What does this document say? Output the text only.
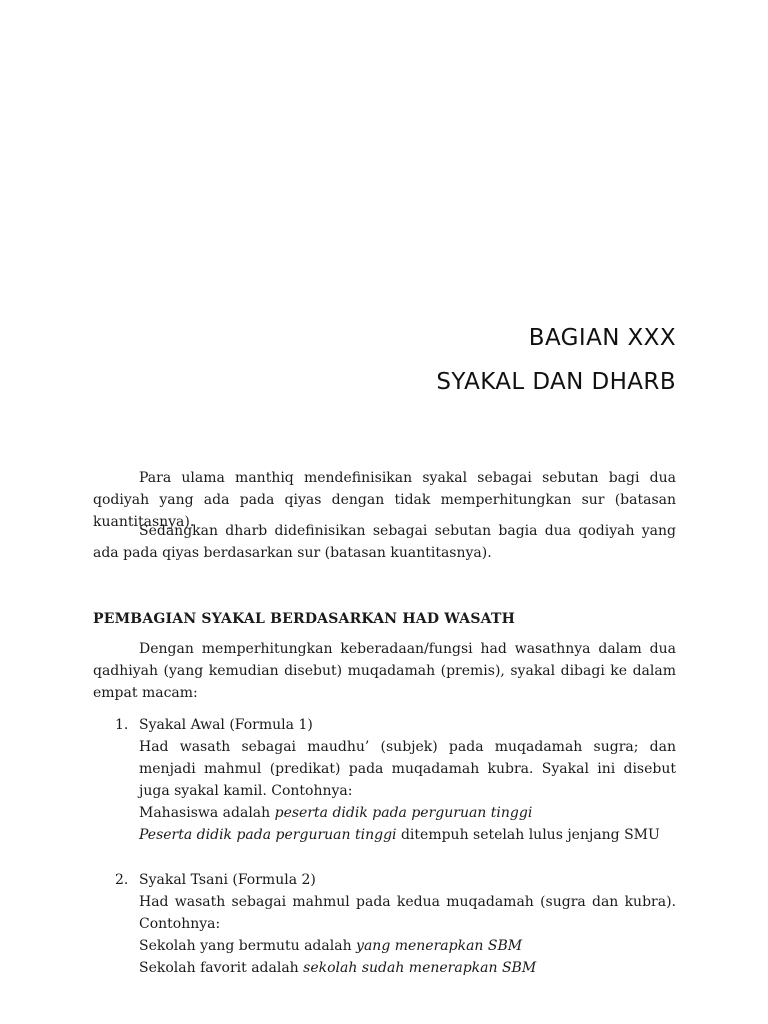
BAGIAN XXX
SYAKAL DAN DHARB

Para ulama manthiq mendefinisikan syakal sebagai sebutan bagi dua qodiyah yang ada pada qiyas dengan tidak memperhitungkan sur (batasan kuantitasnya).

Sedangkan dharb didefinisikan sebagai sebutan bagia dua qodiyah yang ada pada qiyas berdasarkan sur (batasan kuantitasnya).

PEMBAGIAN SYAKAL BERDASARKAN HAD WASATH

Dengan memperhitungkan keberadaan/fungsi had wasathnya dalam dua qadhiyah (yang kemudian disebut) muqadamah (premis), syakal dibagi ke dalam empat macam:

1. Syakal Awal (Formula 1)
Had wasath sebagai maudhu’ (subjek) pada muqadamah sugra; dan menjadi mahmul (predikat) pada muqadamah kubra. Syakal ini disebut juga syakal kamil. Contohnya:
Mahasiswa adalah peserta didik pada perguruan tinggi
Peserta didik pada perguruan tinggi ditempuh setelah lulus jenjang SMU
2. Syakal Tsani (Formula 2)
Had wasath sebagai mahmul pada kedua muqadamah (sugra dan kubra). Contohnya:
Sekolah yang bermutu adalah yang menerapkan SBM
Sekolah favorit adalah sekolah sudah menerapkan SBM
